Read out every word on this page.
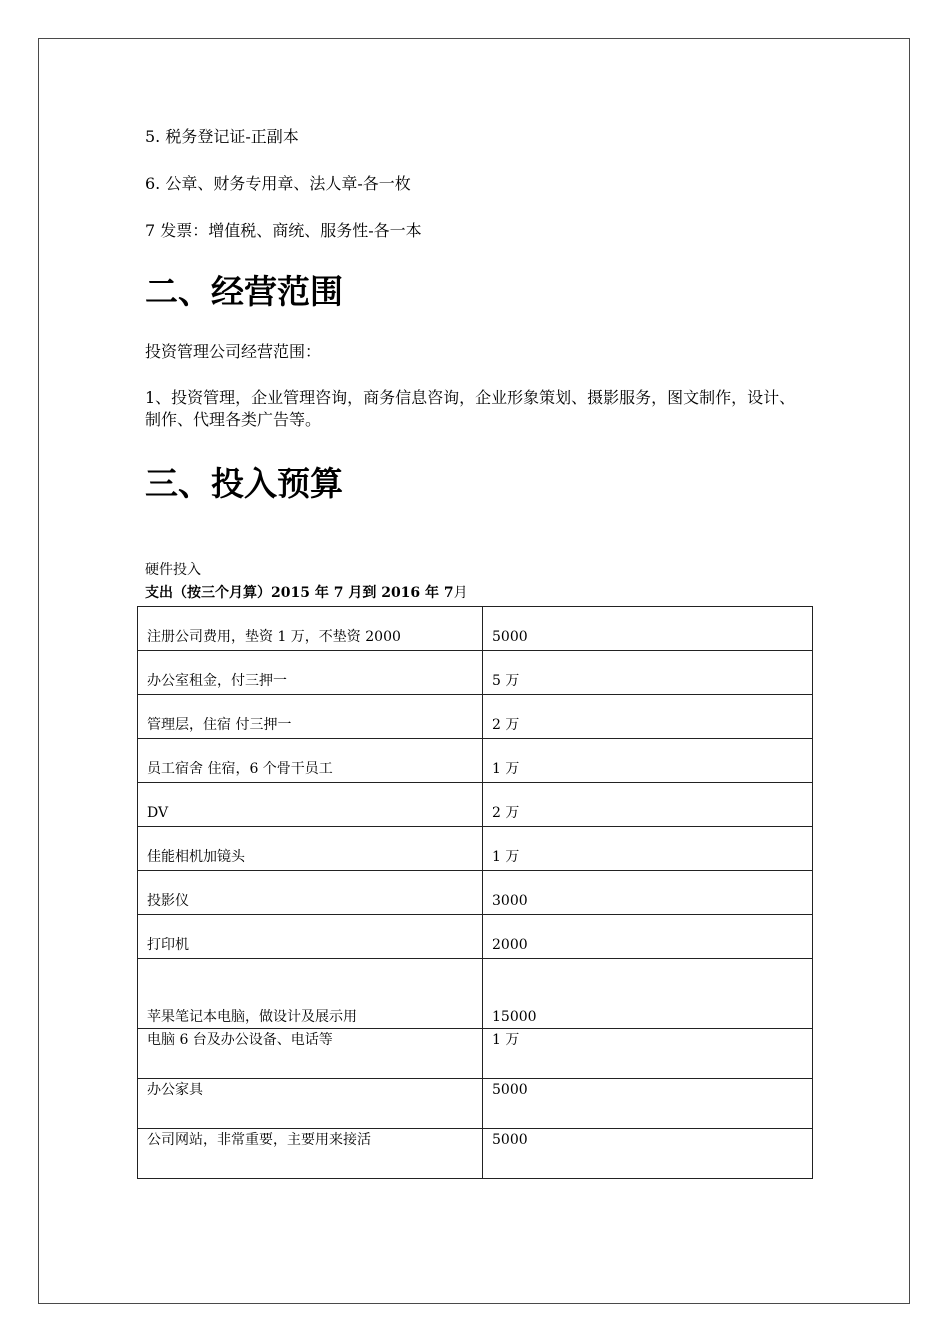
5. 税务登记证-正副本

6. 公章、财务专用章、法人章-各一枚

7 发票：增值税、商统、服务性-各一本

二、经营范围

投资管理公司经营范围：

1、投资管理，企业管理咨询，商务信息咨询，企业形象策划、摄影服务，图文制作，设计、制作、代理各类广告等。

三、投入预算

硬件投入

支出（按三个月算）2015 年 7 月到 2016 年 7月

注册公司费用，垫资 1 万，不垫资 2000	5000
办公室租金，付三押一	5 万
管理层，住宿 付三押一	2 万
员工宿舍 住宿，6 个骨干员工	1 万
DV	2 万
佳能相机加镜头	1 万
投影仪	3000
打印机	2000
苹果笔记本电脑，做设计及展示用	15000
电脑 6 台及办公设备、电话等	1 万
办公家具	5000
公司网站，非常重要，主要用来接活	5000
